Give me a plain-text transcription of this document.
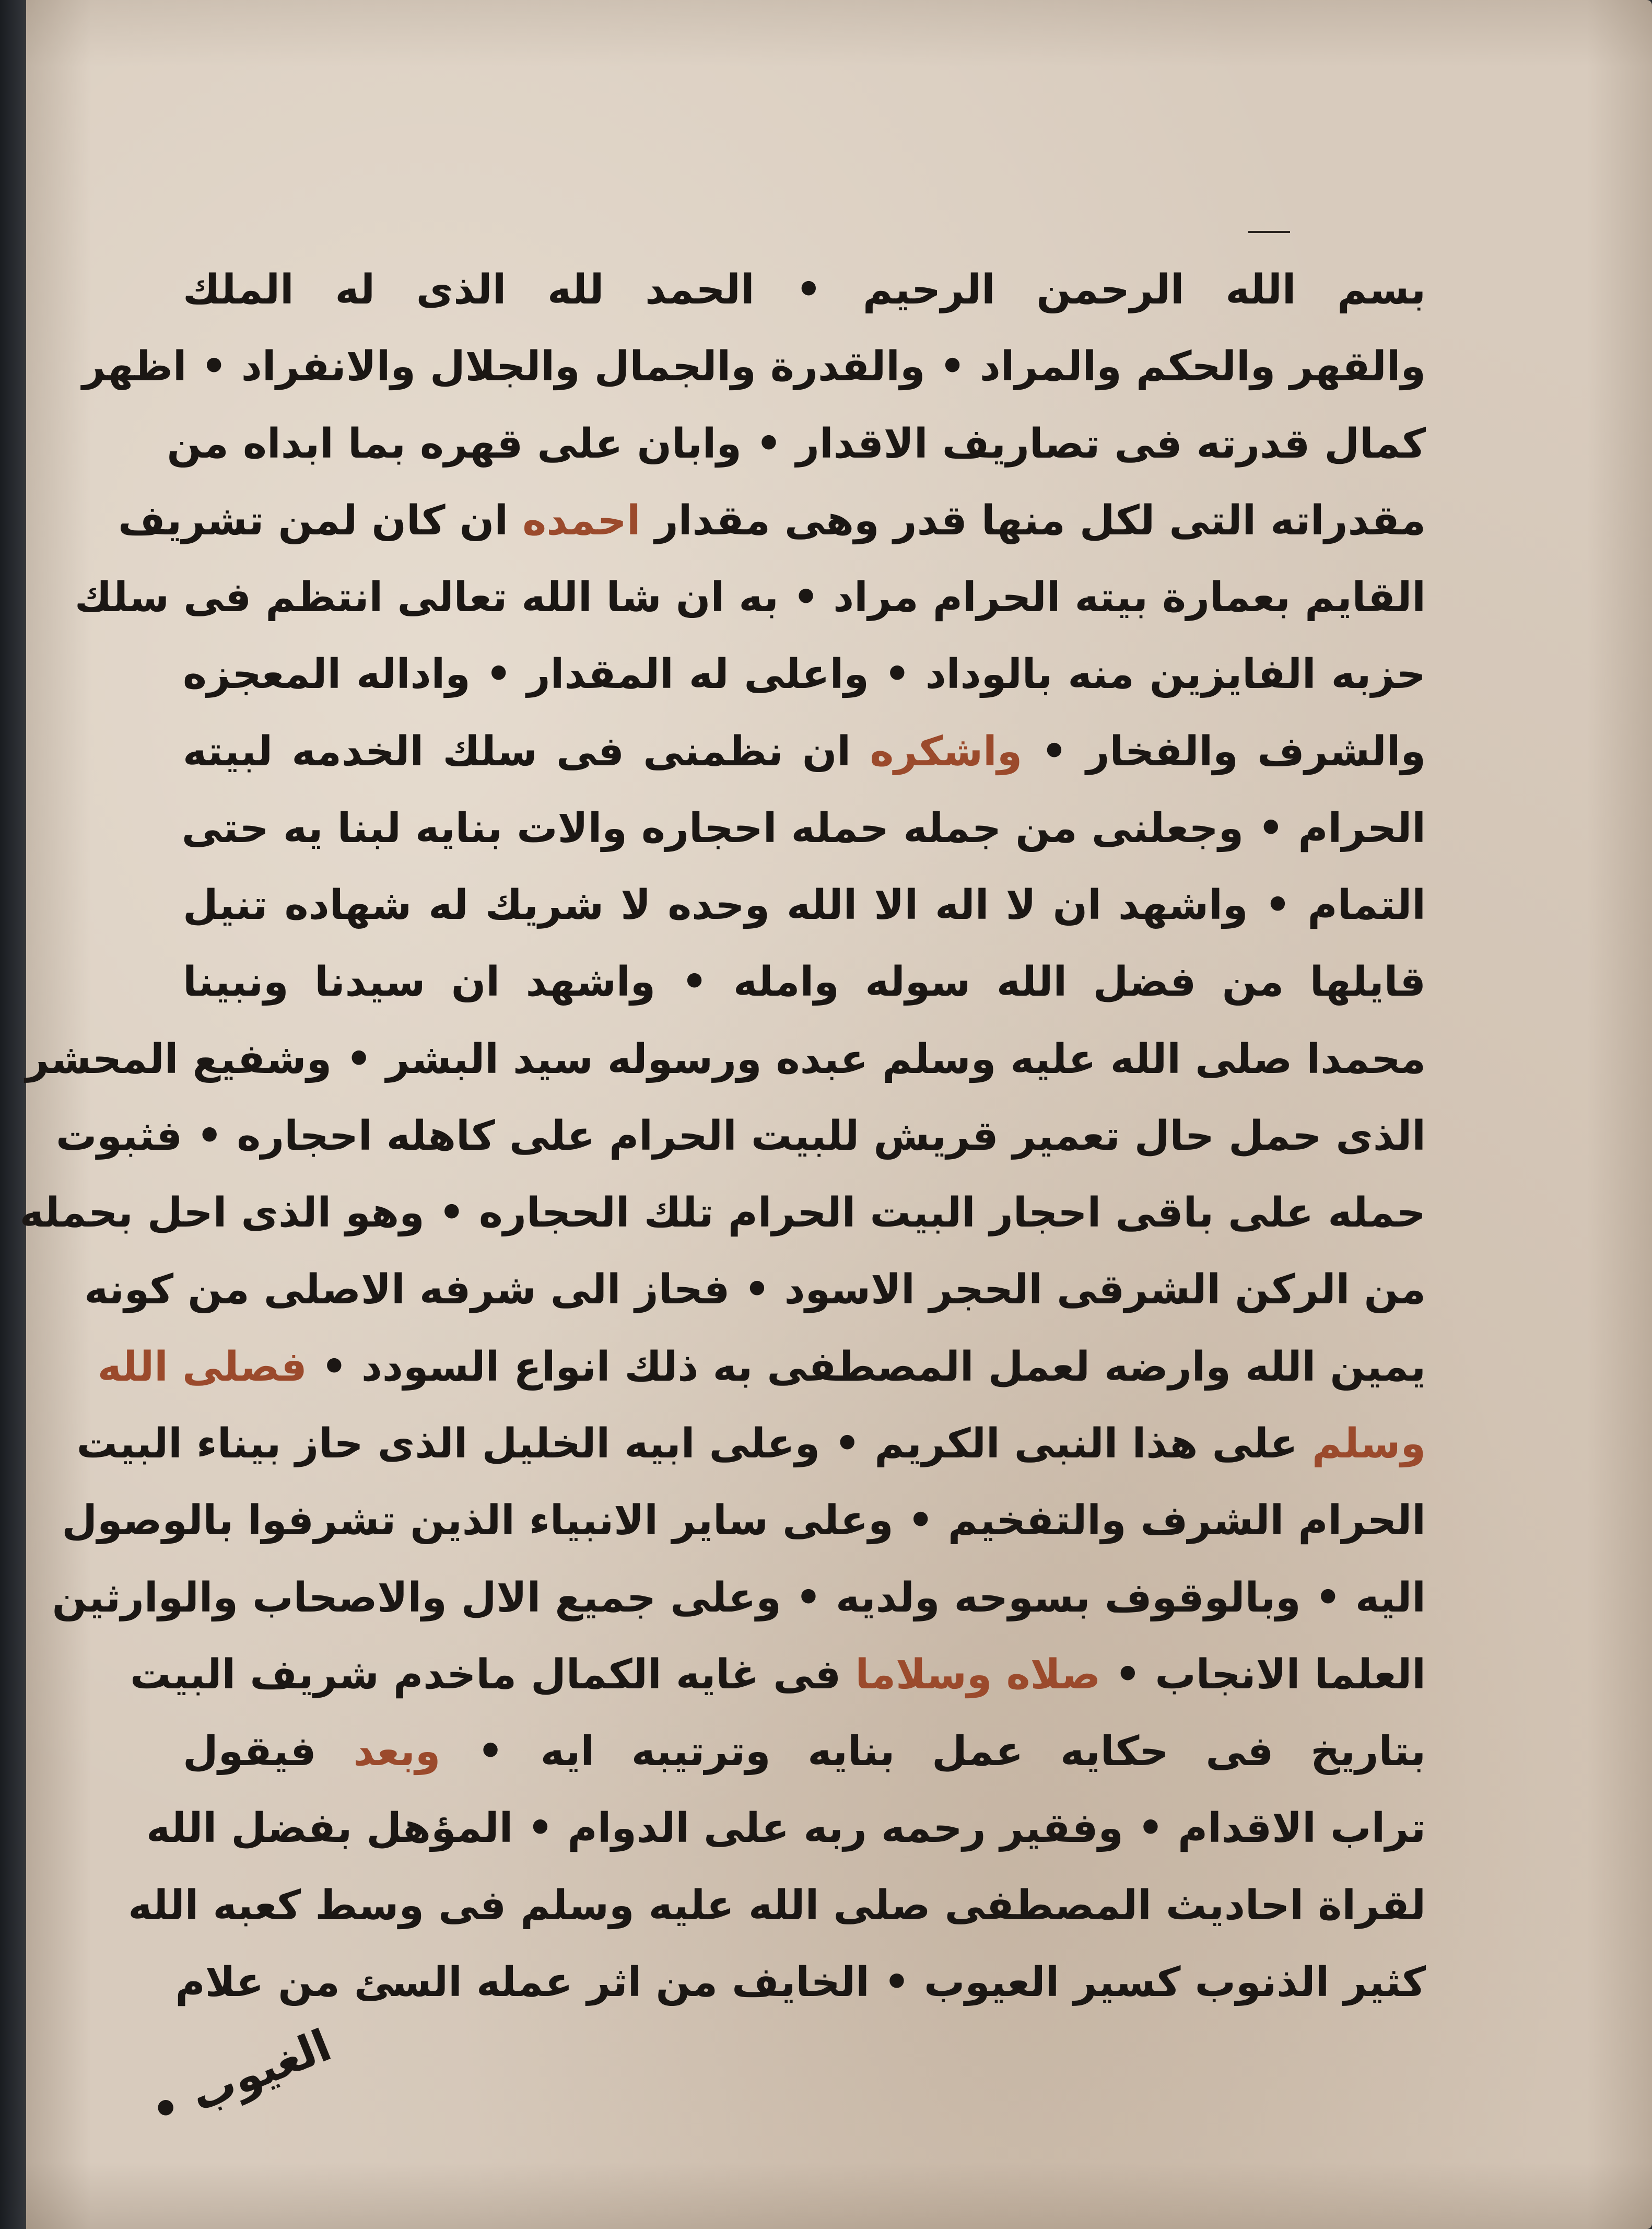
بسم الله الرحمن الرحيم • الحمد لله الذى له الملك
والقهر والحكم والمراد • والقدرة والجمال والجلال والانفراد • اظهر
كمال قدرته فى تصاريف الاقدار • وابان على قهره بما ابداه من
مقدراته التى لكل منها قدر وهى مقدار احمده ان كان لمن تشريف
القايم بعمارة بيته الحرام مراد • به ان شا الله تعالى انتظم فى سلك
حزبه الفايزين منه بالوداد • واعلى له المقدار • واداله المعجزه
والشرف والفخار • واشكره ان نظمنى فى سلك الخدمه لبيته
الحرام • وجعلنى من جمله حمله احجاره والات بنايه لبنا يه حتى
التمام • واشهد ان لا اله الا الله وحده لا شريك له شهاده تنيل
قايلها من فضل الله سوله وامله • واشهد ان سيدنا ونبينا
محمدا صلى الله عليه وسلم عبده ورسوله سيد البشر • وشفيع المحشر
الذى حمل حال تعمير قريش للبيت الحرام على كاهله احجاره • فثبوت
حمله على باقى احجار البيت الحرام تلك الحجاره • وهو الذى احل بحمله
من الركن الشرقى الحجر الاسود • فحاز الى شرفه الاصلى من كونه
يمين الله وارضه لعمل المصطفى به ذلك انواع السودد • فصلى الله
وسلم على هذا النبى الكريم • وعلى ابيه الخليل الذى حاز بيناء البيت
الحرام الشرف والتفخيم • وعلى ساير الانبياء الذين تشرفوا بالوصول
اليه • وبالوقوف بسوحه ولديه • وعلى جميع الال والاصحاب والوارثين
العلما الانجاب • صلاه وسلاما فى غايه الكمال ماخدم شريف البيت
بتاريخ فى حكايه عمل بنايه وترتيبه ايه • وبعد فيقول
تراب الاقدام • وفقير رحمه ربه على الدوام • المؤهل بفضل الله
لقراة احاديث المصطفى صلى الله عليه وسلم فى وسط كعبه الله
كثير الذنوب كسير العيوب • الخايف من اثر عمله السئ من علام
الغيوب •
